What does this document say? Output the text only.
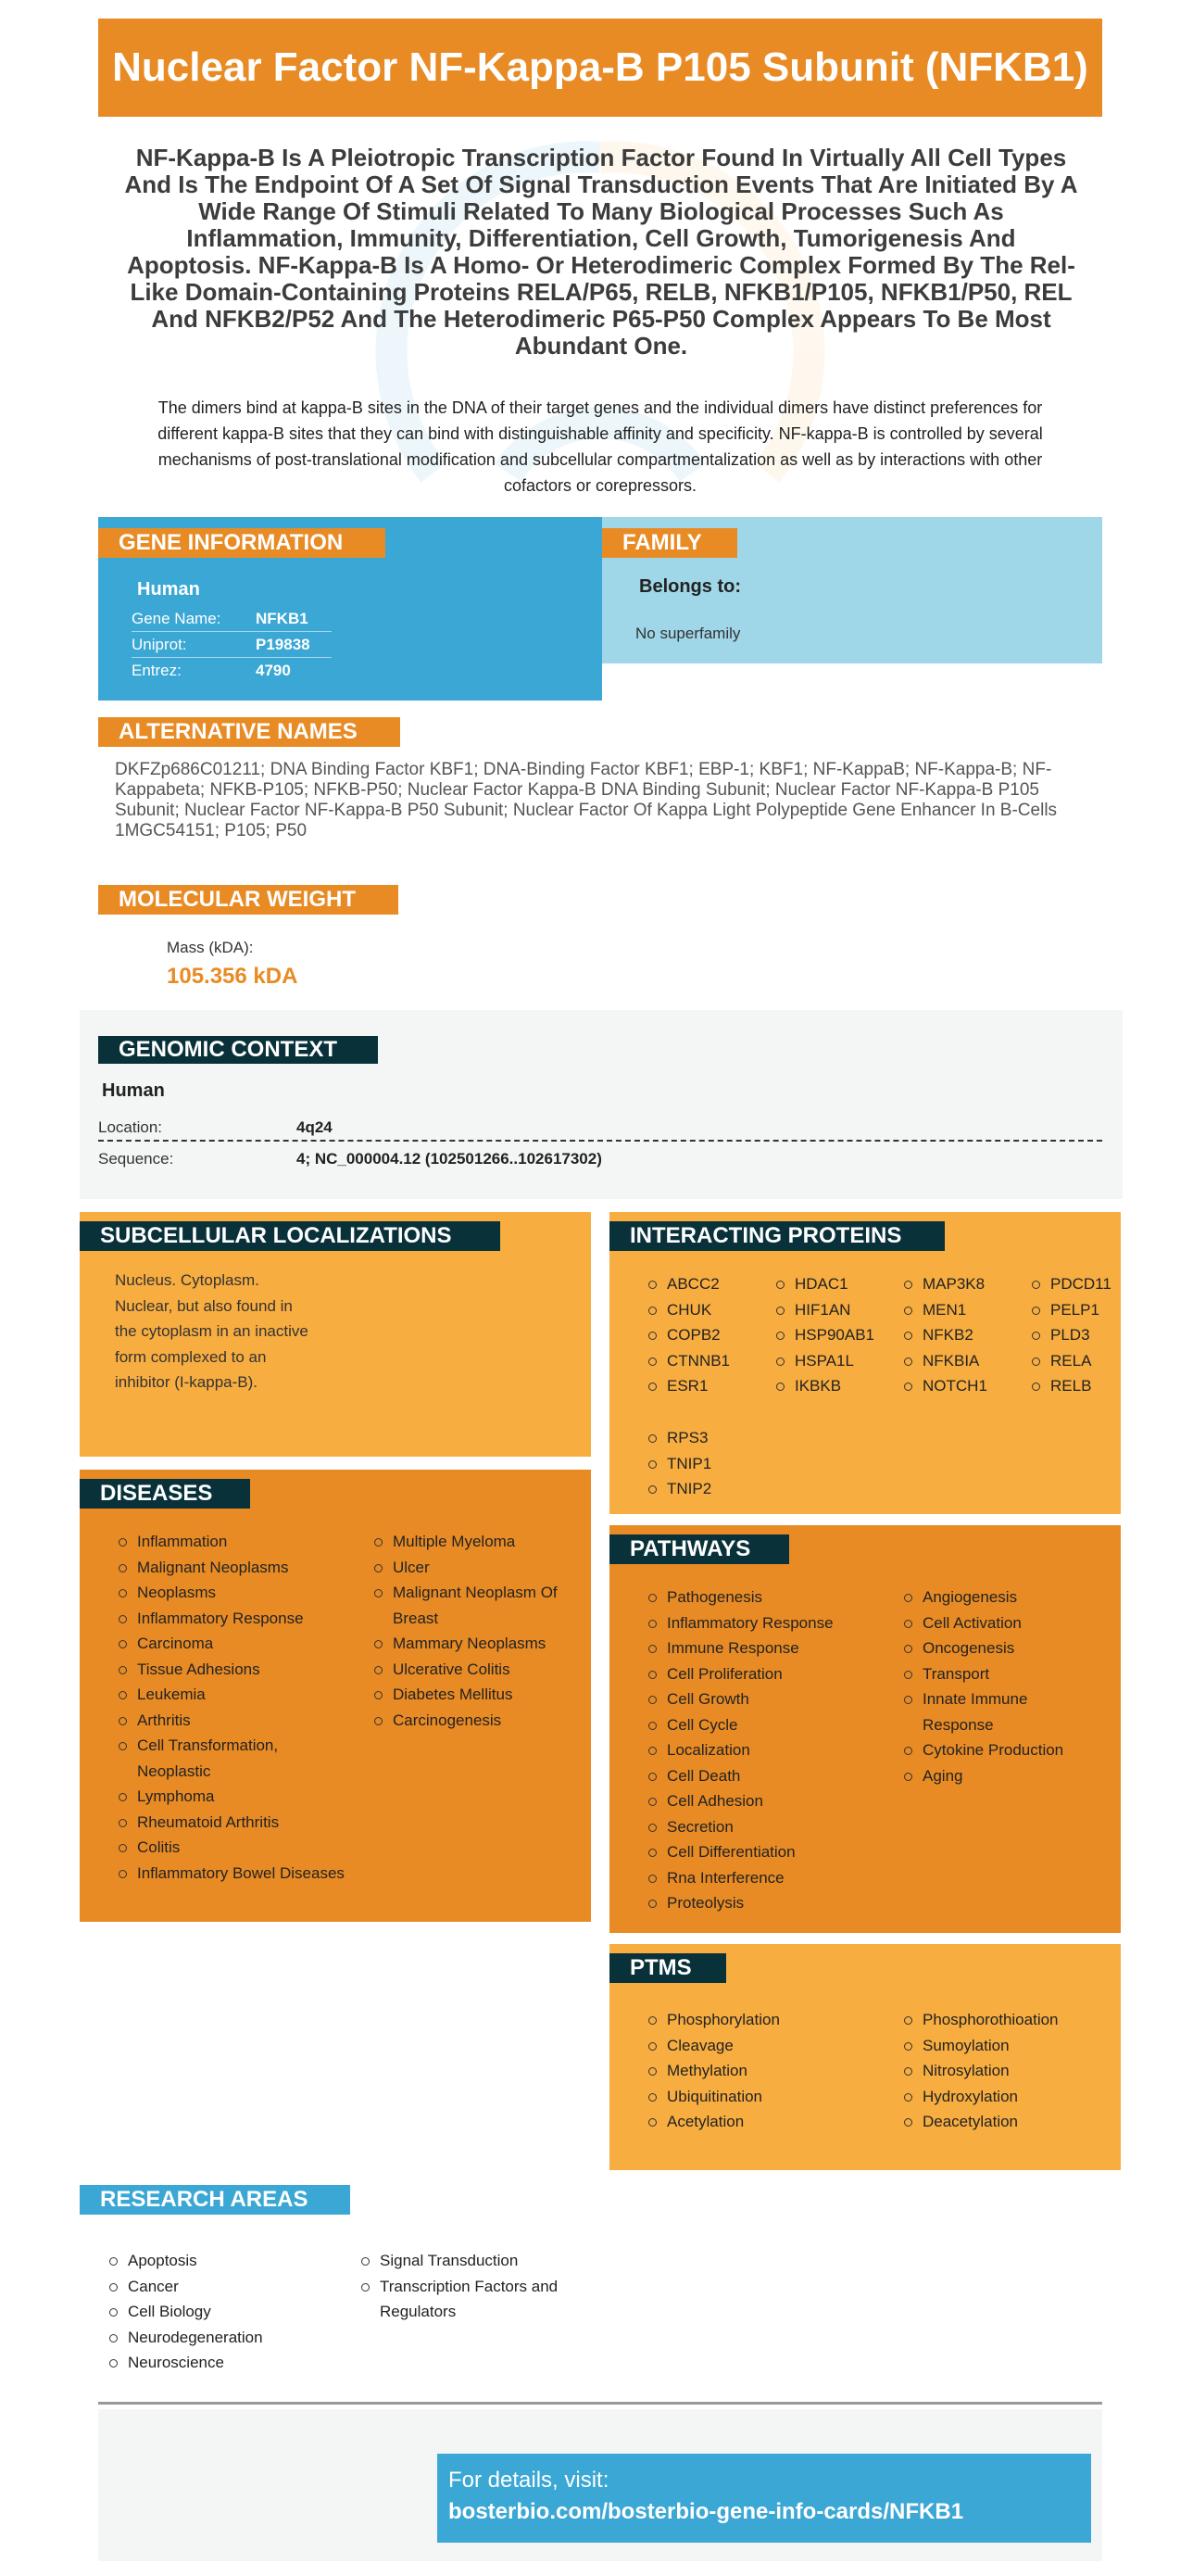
Nuclear Factor NF-Kappa-B P105 Subunit (NFKB1)
NF-Kappa-B Is A Pleiotropic Transcription Factor Found In Virtually All Cell Types And Is The Endpoint Of A Set Of Signal Transduction Events That Are Initiated By A Wide Range Of Stimuli Related To Many Biological Processes Such As Inflammation, Immunity, Differentiation, Cell Growth, Tumorigenesis And Apoptosis. NF-Kappa-B Is A Homo- Or Heterodimeric Complex Formed By The Rel-Like Domain-Containing Proteins RELA/P65, RELB, NFKB1/P105, NFKB1/P50, REL And NFKB2/P52 And The Heterodimeric P65-P50 Complex Appears To Be Most Abundant One.
The dimers bind at kappa-B sites in the DNA of their target genes and the individual dimers have distinct preferences for different kappa-B sites that they can bind with distinguishable affinity and specificity. NF-kappa-B is controlled by several mechanisms of post-translational modification and subcellular compartmentalization as well as by interactions with other cofactors or corepressors.
GENE INFORMATION	FAMILY
Human
Gene Name: NFKB1
Uniprot:	P19838
Entrez:	4790
Belongs to:
No superfamily
ALTERNATIVE NAMES
DKFZp686C01211; DNA Binding Factor KBF1; DNA-Binding Factor KBF1; EBP-1; KBF1; NF-KappaB; NF-Kappa-B; NF-Kappabeta; NFKB-P105; NFKB-P50; Nuclear Factor Kappa-B DNA Binding Subunit; Nuclear Factor NF-Kappa-B P105 Subunit; Nuclear Factor NF-Kappa-B P50 Subunit; Nuclear Factor Of Kappa Light Polypeptide Gene Enhancer In B-Cells 1MGC54151; P105; P50
MOLECULAR WEIGHT
Mass (kDA):
105.356 kDA
GENOMIC CONTEXT
Human
Location:	4q24
Sequence:	4; NC_000004.12 (102501266..102617302)
SUBCELLULAR LOCALIZATIONS
Nucleus. Cytoplasm. Nuclear, but also found in the cytoplasm in an inactive form complexed to an inhibitor (I-kappa-B).
INTERACTING PROTEINS
ABCC2
CHUK
COPB2
CTNNB1
ESR1
HDAC1
HIF1AN
HSP90AB1
HSPA1L
IKBKB
MAP3K8
MEN1
NFKB2
NFKBIA
NOTCH1
PDCD11
PELP1
PLD3
RELA
RELB
RPS3
TNIP1
TNIP2
DISEASES
Inflammation
Malignant Neoplasms
Neoplasms
Inflammatory Response
Carcinoma
Tissue Adhesions
Leukemia
Arthritis
Cell Transformation, Neoplastic
Lymphoma
Rheumatoid Arthritis
Colitis
Inflammatory Bowel Diseases
Multiple Myeloma
Ulcer
Malignant Neoplasm Of Breast
Mammary Neoplasms
Ulcerative Colitis
Diabetes Mellitus
Carcinogenesis
PATHWAYS
Pathogenesis
Inflammatory Response
Immune Response
Cell Proliferation
Cell Growth
Cell Cycle
Localization
Cell Death
Cell Adhesion
Secretion
Cell Differentiation
Rna Interference
Proteolysis
Angiogenesis
Cell Activation
Oncogenesis
Transport
Innate Immune Response
Cytokine Production
Aging
PTMS
Phosphorylation
Cleavage
Methylation
Ubiquitination
Acetylation
Phosphorothioation
Sumoylation
Nitrosylation
Hydroxylation
Deacetylation
RESEARCH AREAS
Apoptosis
Cancer
Cell Biology
Neurodegeneration
Neuroscience
Signal Transduction
Transcription Factors and Regulators
For details, visit:
bosterbio.com/bosterbio-gene-info-cards/NFKB1
